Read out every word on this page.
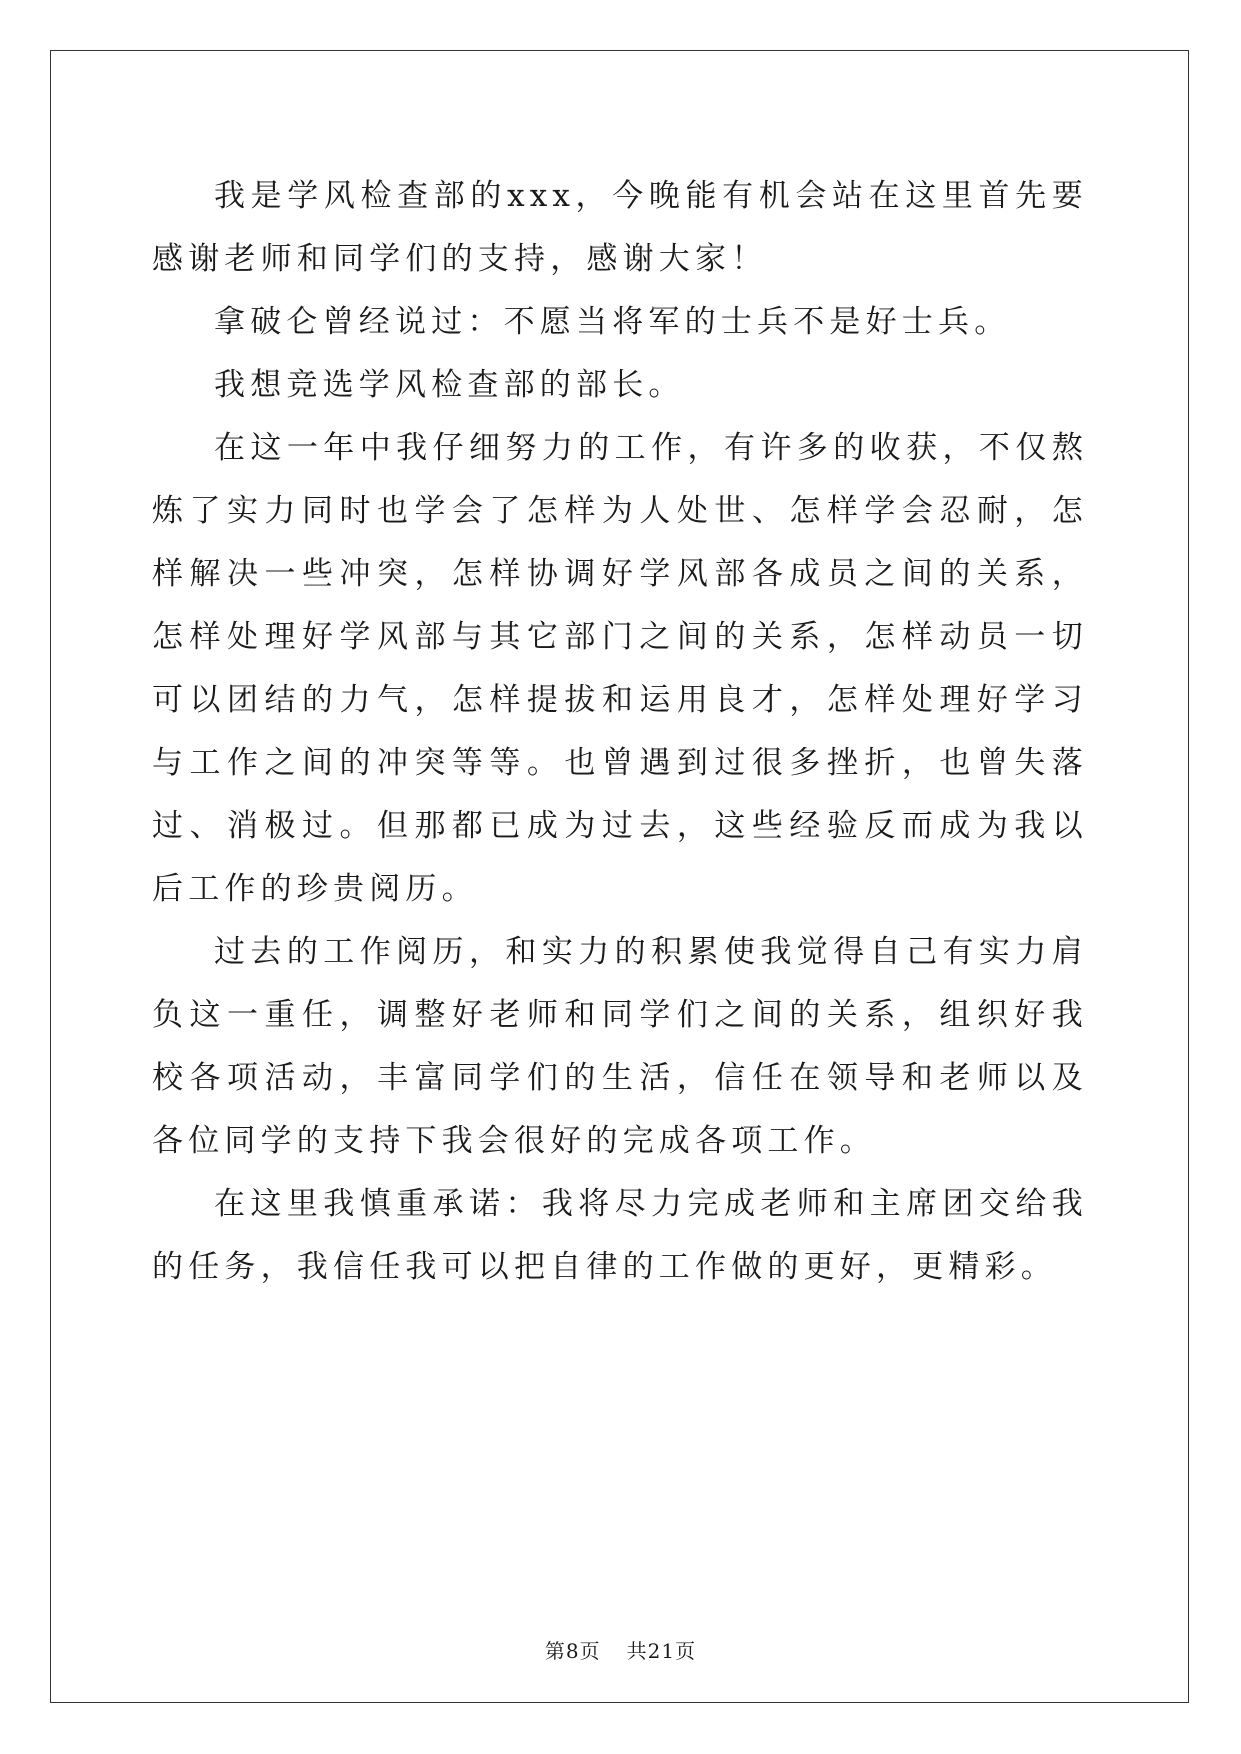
我是学风检查部的xxx，今晚能有机会站在这里首先要感谢老师和同学们的支持，感谢大家！

拿破仑曾经说过：不愿当将军的士兵不是好士兵。

我想竞选学风检查部的部长。

在这一年中我仔细努力的工作，有许多的收获，不仅熬炼了实力同时也学会了怎样为人处世、怎样学会忍耐，怎样解决一些冲突，怎样协调好学风部各成员之间的关系，怎样处理好学风部与其它部门之间的关系，怎样动员一切可以团结的力气，怎样提拔和运用良才，怎样处理好学习与工作之间的冲突等等。也曾遇到过很多挫折，也曾失落过、消极过。但那都已成为过去，这些经验反而成为我以后工作的珍贵阅历。

过去的工作阅历，和实力的积累使我觉得自己有实力肩负这一重任，调整好老师和同学们之间的关系，组织好我校各项活动，丰富同学们的生活，信任在领导和老师以及各位同学的支持下我会很好的完成各项工作。

在这里我慎重承诺：我将尽力完成老师和主席团交给我的任务，我信任我可以把自律的工作做的更好，更精彩。

第8页 共21页
